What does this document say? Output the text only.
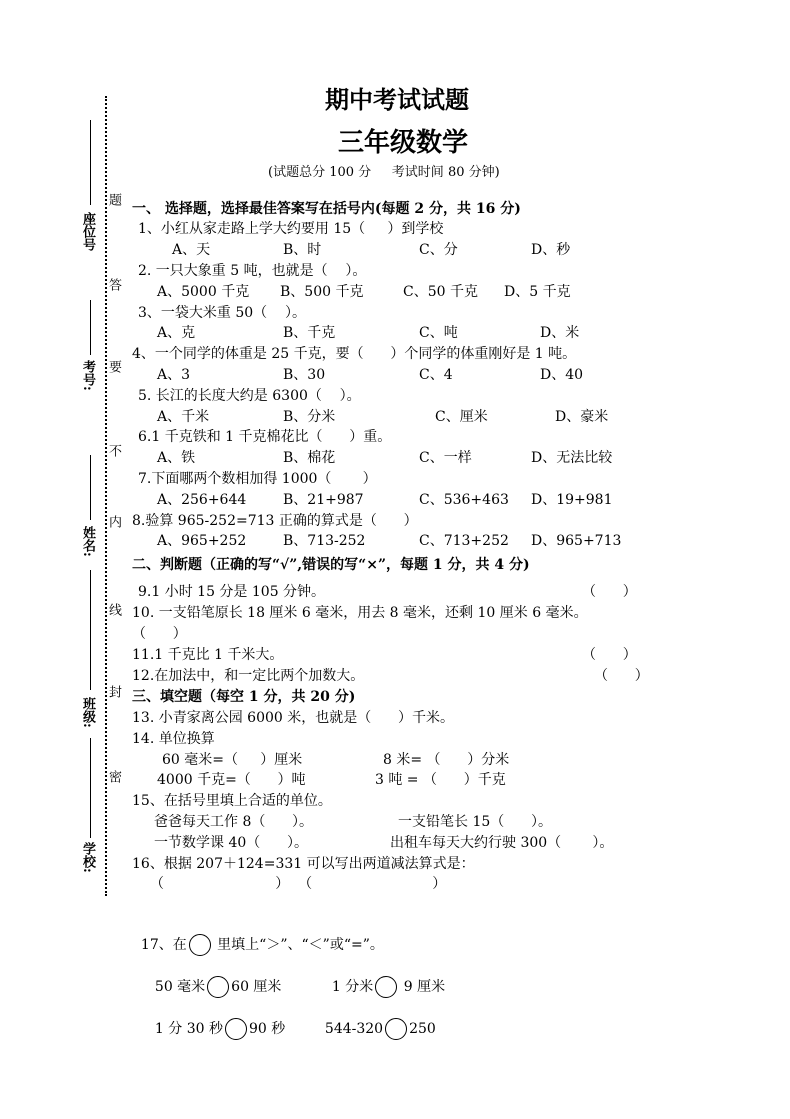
座位号
考号:
姓名:
班级:
学校:
题
答
要
不
内
线
封
密
期中考试试题
三年级数学
(试题总分 100 分     考试时间 80 分钟)
一、 选择题，选择最佳答案写在括号内(每题 2 分，共 16 分)
1、小红从家走路上学大约要用 15（     ）到学校
A、天	B、时	C、分	D、秒
2. 一只大象重 5 吨，也就是（    ）。
A、5000 千克 B、500 千克	C、50 千克 D、5 千克
3、一袋大米重 50（    ）。
A、克	B、千克	C、吨	D、米
4、一个同学的体重是 25 千克，要（      ）个同学的体重刚好是 1 吨。
A、3	B、30	C、4	D、40
5. 长江的长度大约是 6300（    ）。
A、千米	B、分米	C、厘米	D、豪米
6.1 千克铁和 1 千克棉花比（      ）重。
A、铁	B、棉花	C、一样	D、无法比较
7.下面哪两个数相加得 1000（       ）
A、256+644	B、21+987	C、536+463 D、19+981
8.验算 965-252=713 正确的算式是（      ）
A、965+252	B、713-252	C、713+252 D、965+713
二、判断题（正确的写“√”,错误的写“×”，每题 1 分，共 4 分)
9.1 小时 15 分是 105 分钟。	（      ）
10. 一支铅笔原长 18 厘米 6 毫米，用去 8 毫米，还剩 10 厘米 6 毫米。
（      ）
11.1 千克比 1 千米大。	（      ）
12.在加法中，和一定比两个加数大。	（      ）
三、填空题（每空 1 分，共 20 分)
13. 小青家离公园 6000 米，也就是（      ）千米。
14. 单位换算
60 毫米=（     ）厘米	8 米= （      ）分米
4000 千克=（      ）吨	3 吨 = （      ）千克
15、在括号里填上合适的单位。
爸爸每天工作 8（      ）。	一支铅笔长 15（      ）。
一节数学课 40（      ）。	出租车每天大约行驶 300（       ）。
16、根据 207＋124=331 可以写出两道减法算式是：
（                         ）  （                           ）

17、在 里填上“＞”、“＜”或“=”。

50 毫米 60 厘米	1 分米 9 厘米

1 分 30 秒 90 秒	544-320 250
